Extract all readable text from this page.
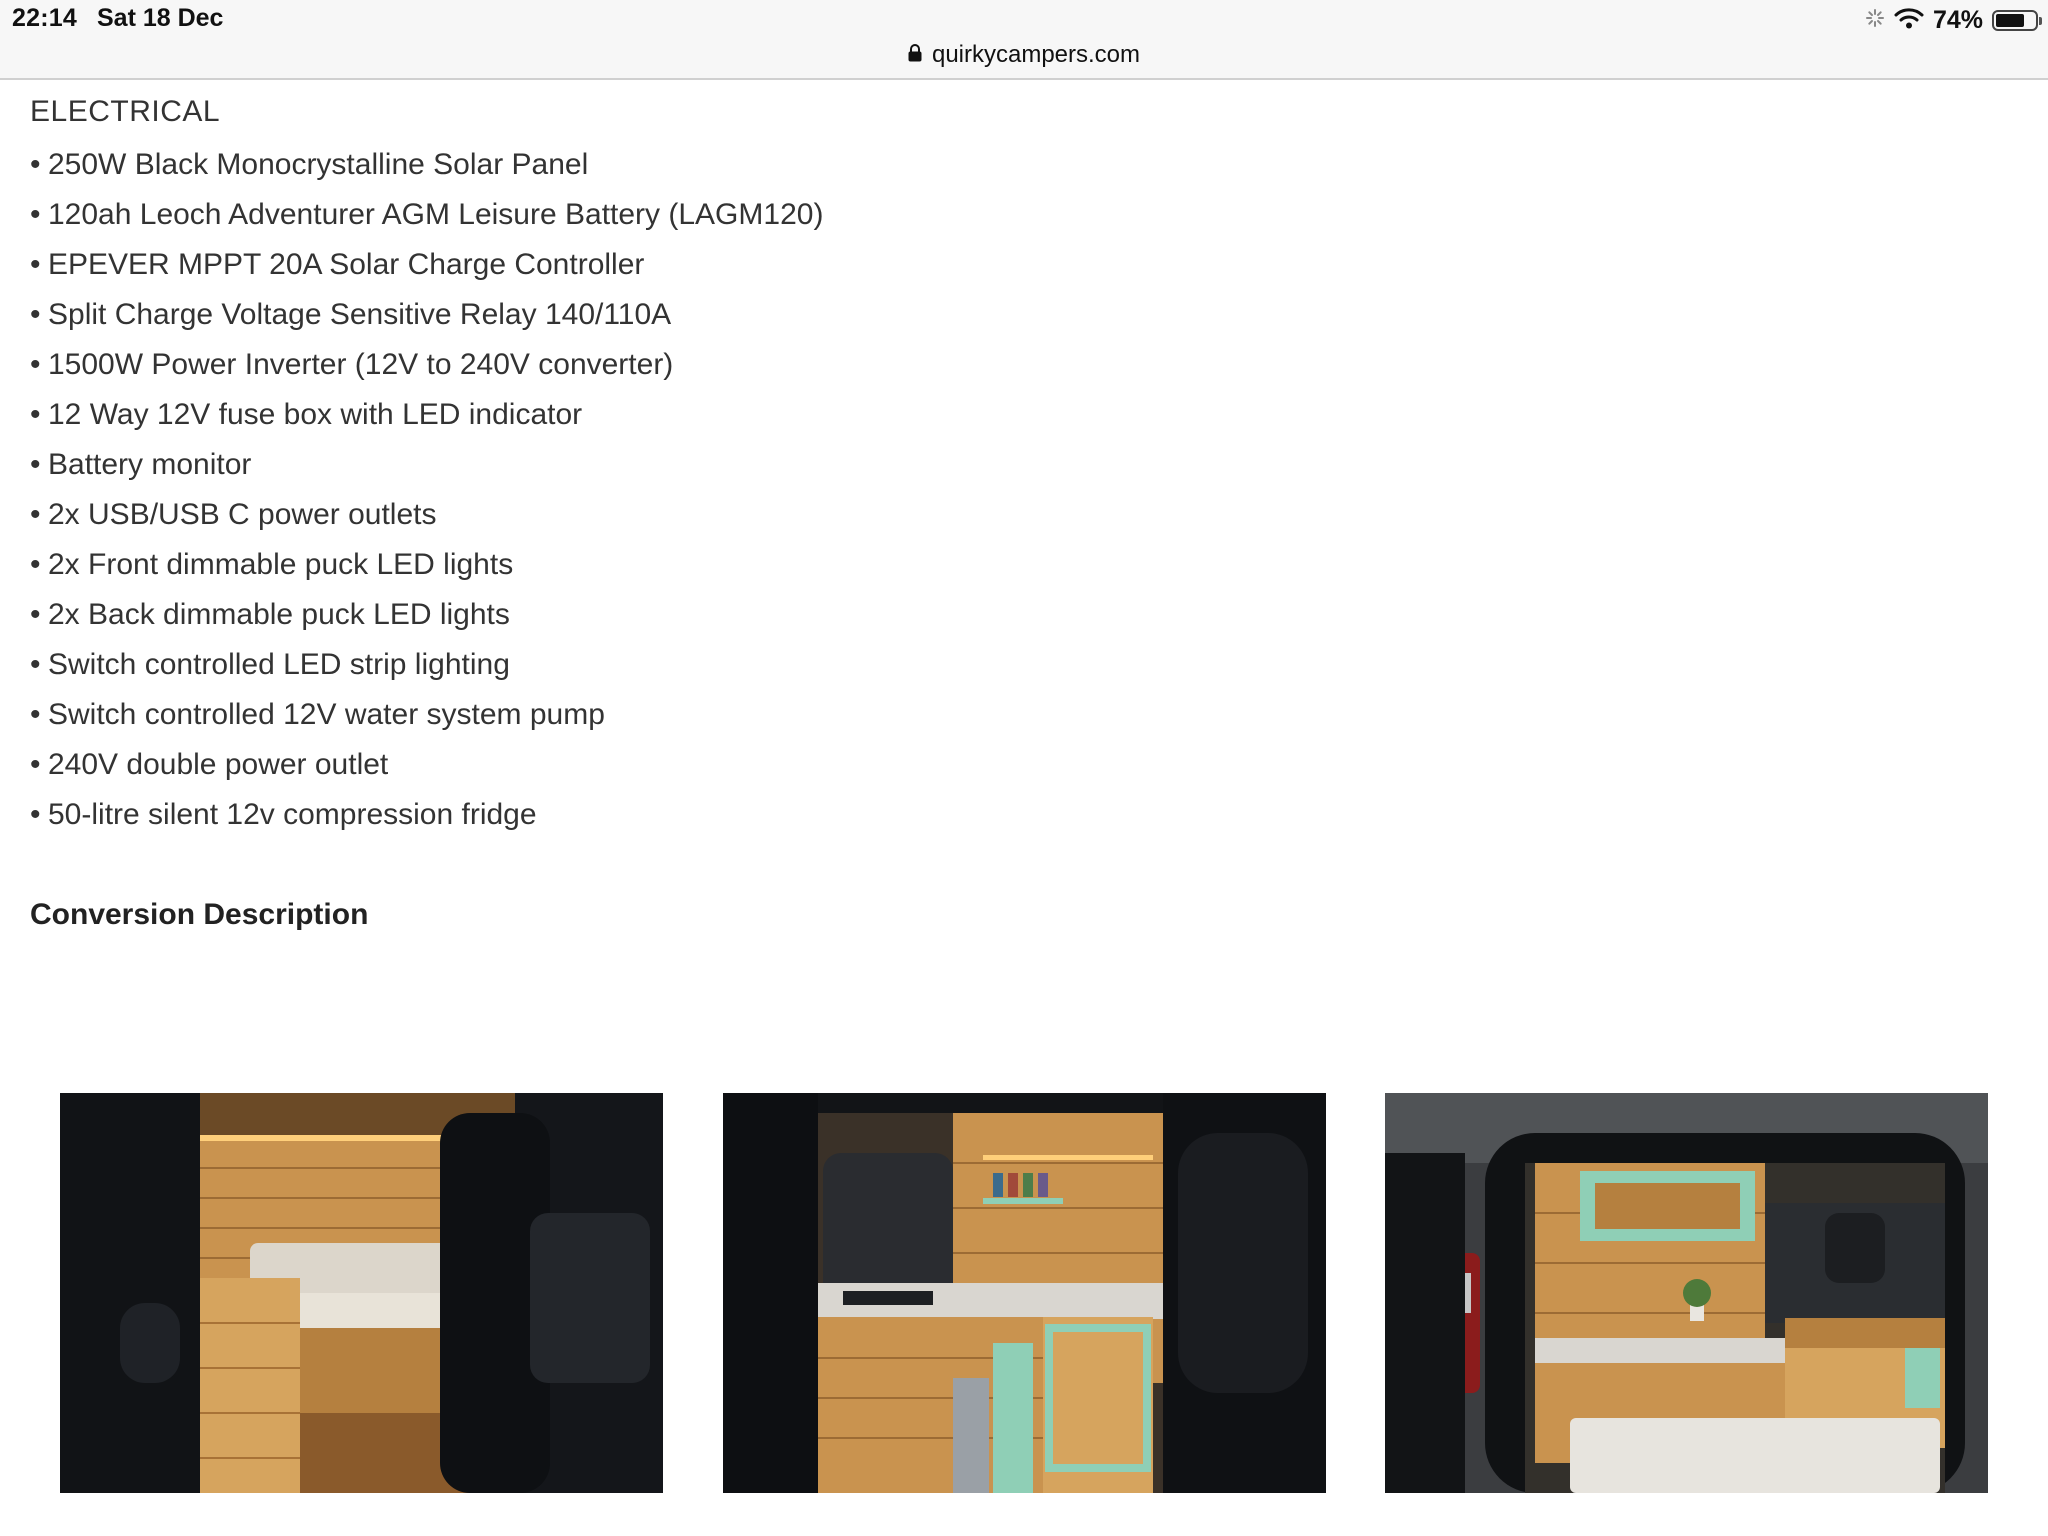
22:14 Sat 18 Dec	74%
quirkycampers.com
ELECTRICAL
• 250W Black Monocrystalline Solar Panel
• 120ah Leoch Adventurer AGM Leisure Battery (LAGM120)
• EPEVER MPPT 20A Solar Charge Controller
• Split Charge Voltage Sensitive Relay 140/110A
• 1500W Power Inverter (12V to 240V converter)
• 12 Way 12V fuse box with LED indicator
• Battery monitor
• 2x USB/USB C power outlets
• 2x Front dimmable puck LED lights
• 2x Back dimmable puck LED lights
• Switch controlled LED strip lighting
• Switch controlled 12V water system pump
• 240V double power outlet
• 50-litre silent 12v compression fridge
Conversion Description
